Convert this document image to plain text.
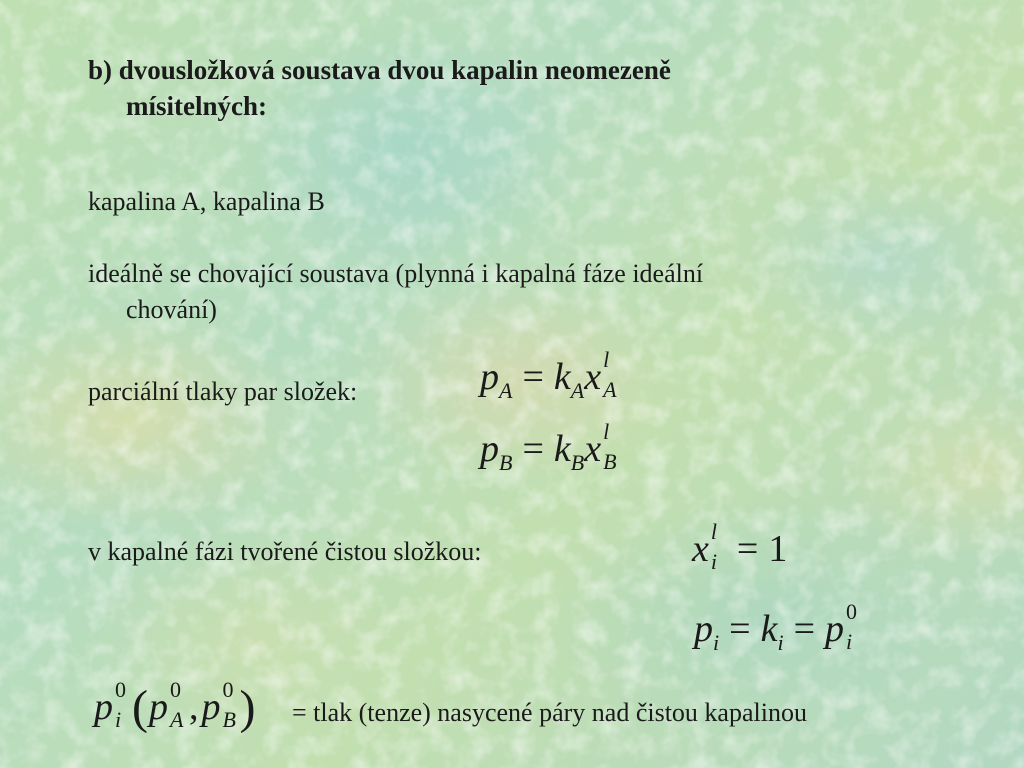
b) dvousložková soustava dvou kapalin neomezeně
mísitelných:
kapalina A, kapalina B
ideálně se chovající soustava (plynná i kapalná fáze ideální
chování)
parciální tlaky par složek:	$p_A = k_Ax$ l
A
$p_B = k_Bx$ l
B
v kapalné fázi tvořené čistou složkou:	x l
i = 1
$p_i = k_i = p$ 0
i
p 0
i (p 0
A ,p 0
B ) = tlak (tenze) nasycené páry nad čistou kapalinou
